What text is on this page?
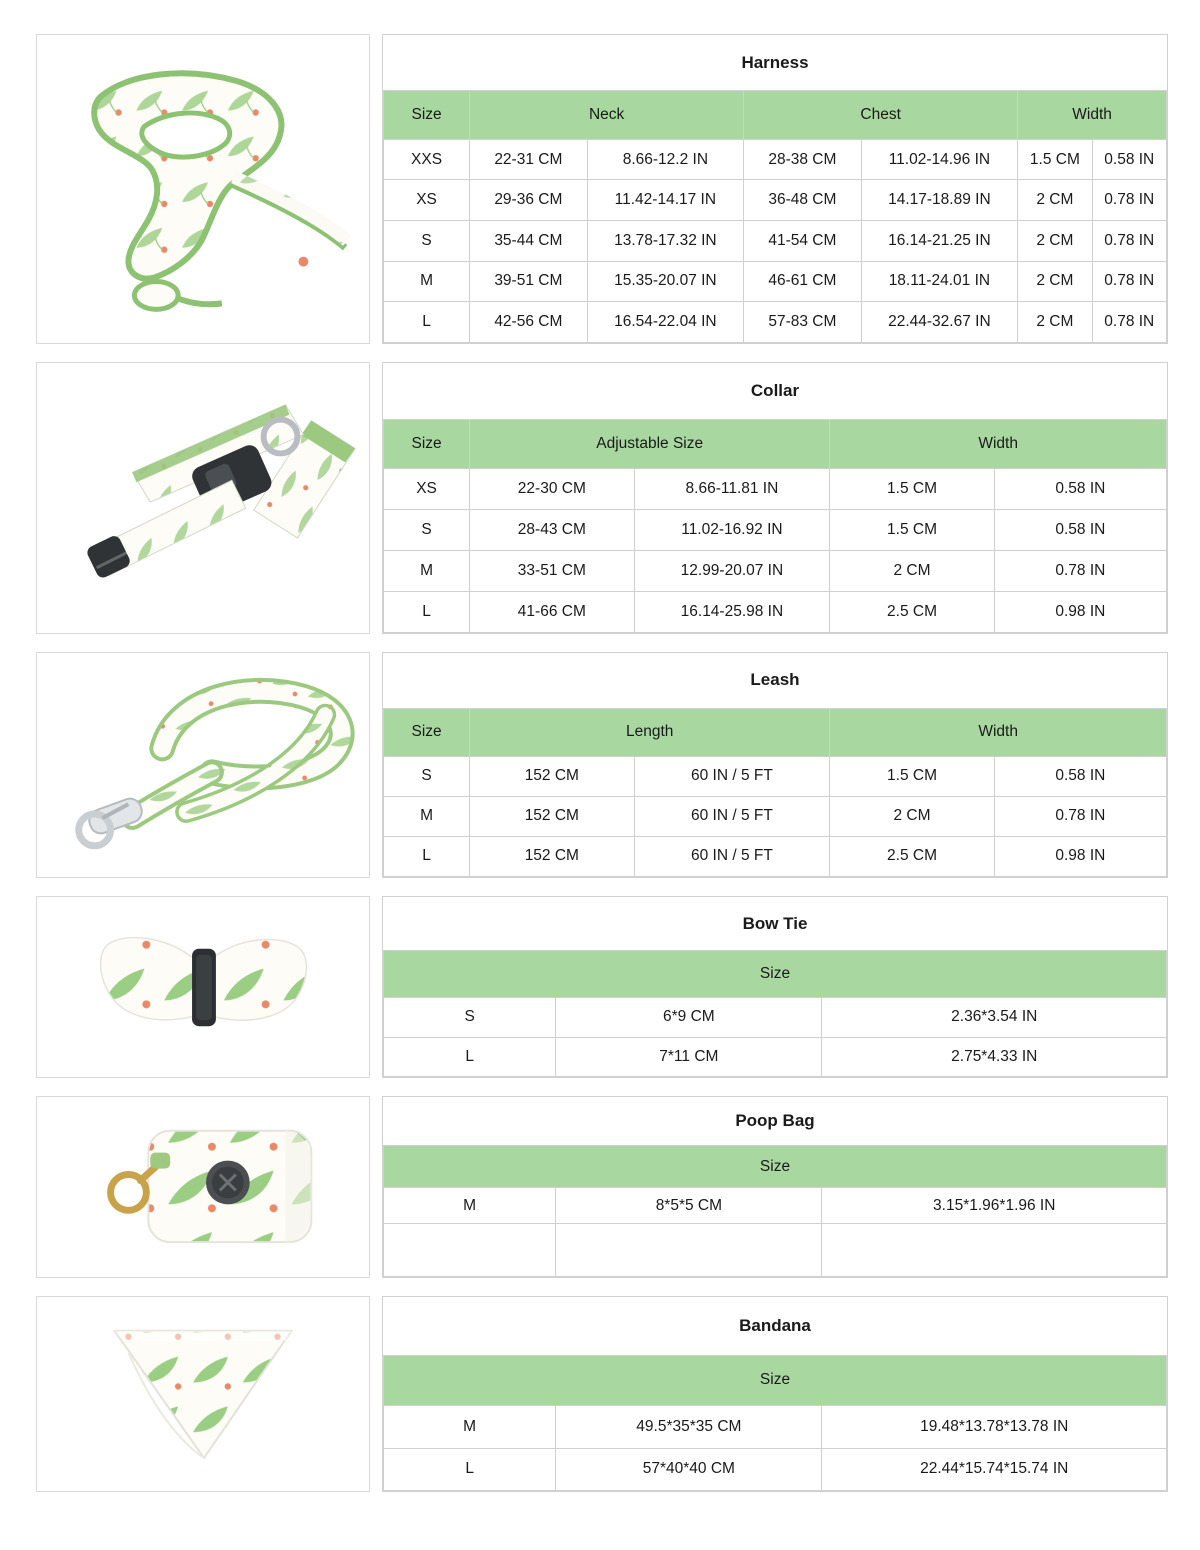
Harness						
Size	Neck		Chest		Width	
XXS	22-31 CM	8.66-12.2 IN	28-38 CM	11.02-14.96 IN	1.5 CM	0.58 IN
XS	29-36 CM	11.42-14.17 IN	36-48 CM	14.17-18.89 IN	2 CM	0.78 IN
S	35-44 CM	13.78-17.32 IN	41-54 CM	16.14-21.25 IN	2 CM	0.78 IN
M	39-51 CM	15.35-20.07 IN	46-61 CM	18.11-24.01 IN	2 CM	0.78 IN
L	42-56 CM	16.54-22.04 IN	57-83 CM	22.44-32.67 IN	2 CM	0.78 IN
Collar				
Size	Adjustable Size		Width	
XS	22-30 CM	8.66-11.81 IN	1.5 CM	0.58 IN
S	28-43 CM	11.02-16.92 IN	1.5 CM	0.58 IN
M	33-51 CM	12.99-20.07 IN	2 CM	0.78 IN
L	41-66 CM	16.14-25.98 IN	2.5 CM	0.98 IN
Leash				
Size	Length		Width	
S	152 CM	60 IN / 5 FT	1.5 CM	0.58 IN
M	152 CM	60 IN / 5 FT	2 CM	0.78 IN
L	152 CM	60 IN / 5 FT	2.5 CM	0.98 IN
Bow Tie		
Size		
S	6*9 CM	2.36*3.54 IN
L	7*11 CM	2.75*4.33 IN
Poop Bag		
Size		
M	8*5*5 CM	3.15*1.96*1.96 IN

Bandana		
Size		
M	49.5*35*35 CM	19.48*13.78*13.78 IN
L	57*40*40 CM	22.44*15.74*15.74 IN
